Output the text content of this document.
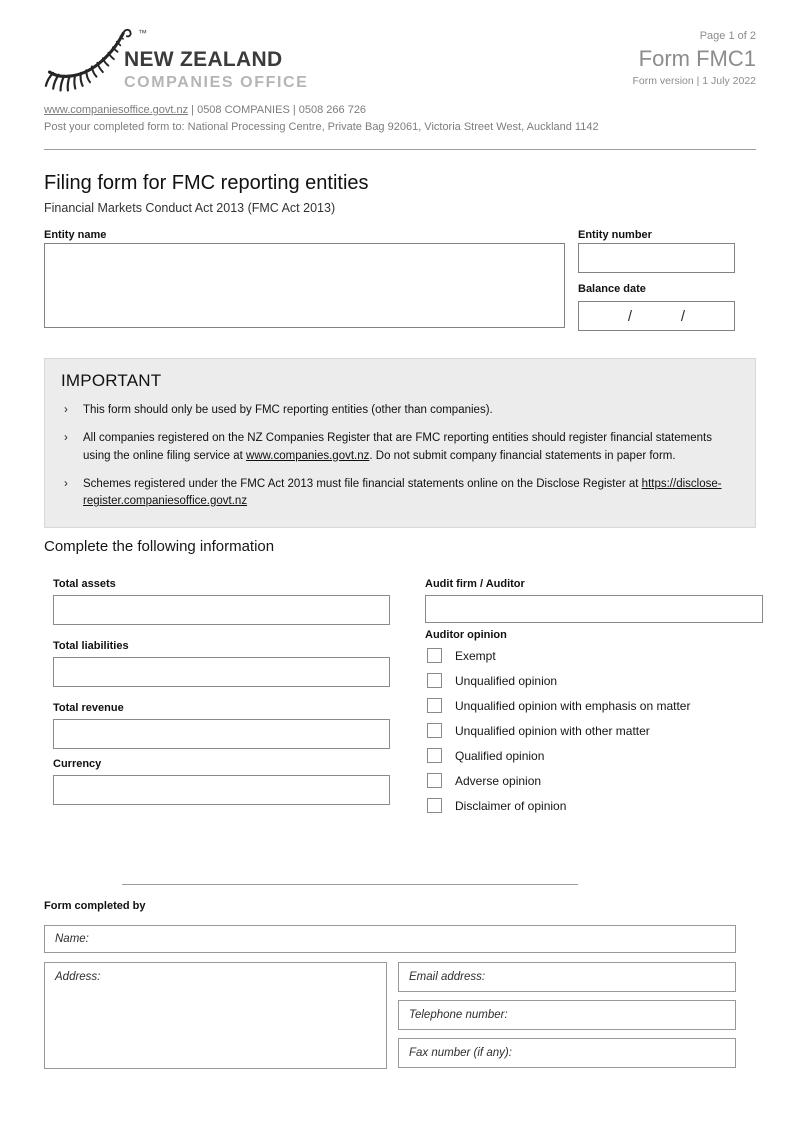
™
NEW ZEALAND
COMPANIES OFFICE
Page 1 of 2
Form FMC1
Form version | 1 July 2022
www.companiesoffice.govt.nz | 0508 COMPANIES | 0508 266 726
Post your completed form to: National Processing Centre, Private Bag 92061, Victoria Street West, Auckland 1142
Filing form for FMC reporting entities
Financial Markets Conduct Act 2013 (FMC Act 2013)
Entity name	Entity number
Balance date
/	/
IMPORTANT
›	This form should only be used by FMC reporting entities (other than companies).
›	All companies registered on the NZ Companies Register that are FMC reporting entities should register financial statements using the online filing service at www.companies.govt.nz. Do not submit company financial statements in paper form.
›	Schemes registered under the FMC Act 2013 must file financial statements online on the Disclose Register at https://disclose-register.companiesoffice.govt.nz
Complete the following information
Total assets
Total liabilities
Total revenue
Currency
Audit firm / Auditor
Auditor opinion
Exempt
Unqualified opinion
Unqualified opinion with emphasis on matter
Unqualified opinion with other matter
Qualified opinion
Adverse opinion
Disclaimer of opinion
Form completed by
Name:
Address:	Email address:
Telephone number:
Fax number (if any):
